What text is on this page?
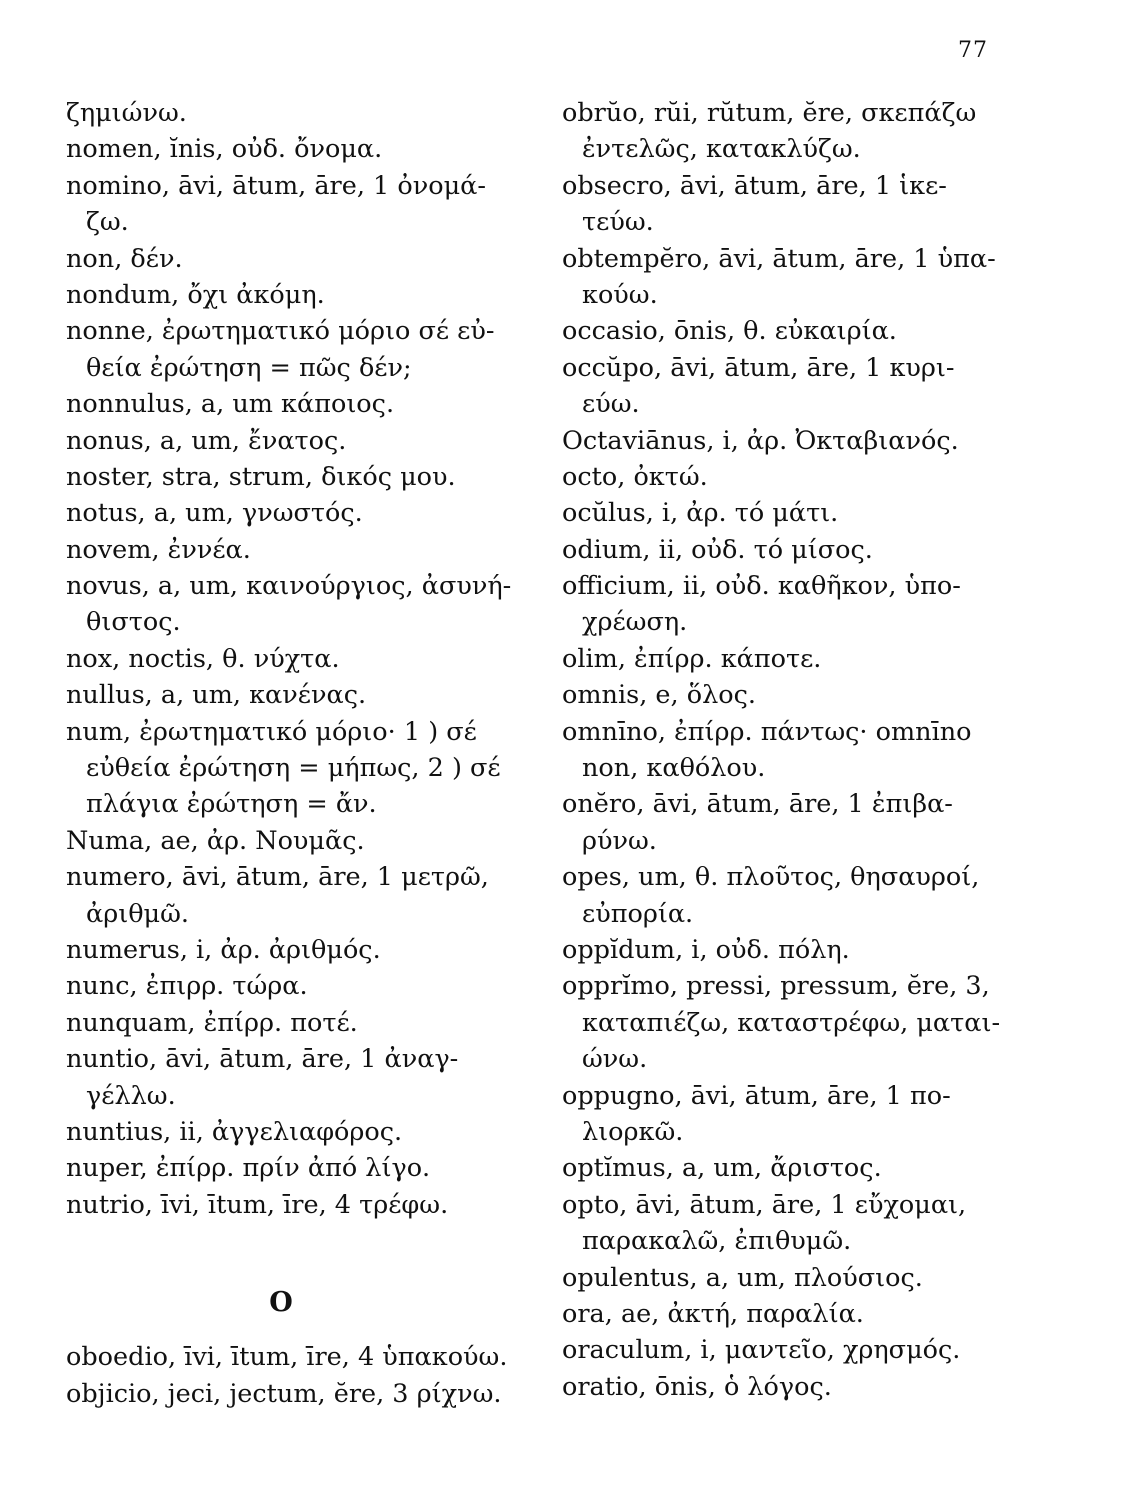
77
ζημιώνω.
nomen, ĭnis, οὐδ. ὄνομα.
nomino, āvi, ātum, āre, 1 ὀνομά-
ζω.
non, δέν.
nondum, ὄχι ἀκόμη.
nonne, ἐρωτηματικό μόριο σέ εὐ-
θεία ἐρώτηση = πῶς δέν;
nonnulus, a, um κάποιος.
nonus, a, um, ἔνατος.
noster, stra, strum, δικός μου.
notus, a, um, γνωστός.
novem, ἐννέα.
novus, a, um, καινούργιος, ἀσυνή-
θιστος.
nox, noctis, θ. νύχτα.
nullus, a, um, κανένας.
num, ἐρωτηματικό μόριο· 1 ) σέ
εὐθεία ἐρώτηση = μήπως, 2 ) σέ
πλάγια ἐρώτηση = ἄν.
Numa, ae, ἀρ. Νουμᾶς.
numero, āvi, ātum, āre, 1 μετρῶ,
ἀριθμῶ.
numerus, i, ἀρ. ἀριθμός.
nunc, ἐπιρρ. τώρα.
nunquam, ἐπίρρ. ποτέ.
nuntio, āvi, ātum, āre, 1 ἀναγ-
γέλλω.
nuntius, ii, ἀγγελιαφόρος.
nuper, ἐπίρρ. πρίν ἀπό λίγο.
nutrio, īvi, ītum, īre, 4 τρέφω.
O
oboedio, īvi, ītum, īre, 4 ὑπακούω.
objicio, jeci, jectum, ĕre, 3 ρίχνω.
obrŭo, rŭi, rŭtum, ĕre, σκεπάζω
ἐντελῶς, κατακλύζω.
obsecro, āvi, ātum, āre, 1 ἱκε-
τεύω.
obtempĕro, āvi, ātum, āre, 1 ὑπα-
κούω.
occasio, ōnis, θ. εὐκαιρία.
occŭpo, āvi, ātum, āre, 1 κυρι-
εύω.
Octaviānus, i, ἀρ. Ὀκταβιανός.
octo, ὀκτώ.
ocŭlus, i, ἀρ. τό μάτι.
odium, ii, οὐδ. τό μίσος.
officium, ii, οὐδ. καθῆκον, ὑπο-
χρέωση.
olim, ἐπίρρ. κάποτε.
omnis, e, ὅλος.
omnīno, ἐπίρρ. πάντως· omnīno
non, καθόλου.
onĕro, āvi, ātum, āre, 1 ἐπιβα-
ρύνω.
opes, um, θ. πλοῦτος, θησαυροί,
εὐπορία.
oppĭdum, i, οὐδ. πόλη.
opprĭmo, pressi, pressum, ĕre, 3,
καταπιέζω, καταστρέφω, μαται-
ώνω.
oppugno, āvi, ātum, āre, 1 πο-
λιορκῶ.
optĭmus, a, um, ἄριστος.
opto, āvi, ātum, āre, 1 εὔχομαι,
παρακαλῶ, ἐπιθυμῶ.
opulentus, a, um, πλούσιος.
ora, ae, ἀκτή, παραλία.
oraculum, i, μαντεῖο, χρησμός.
oratio, ōnis, ὁ λόγος.
